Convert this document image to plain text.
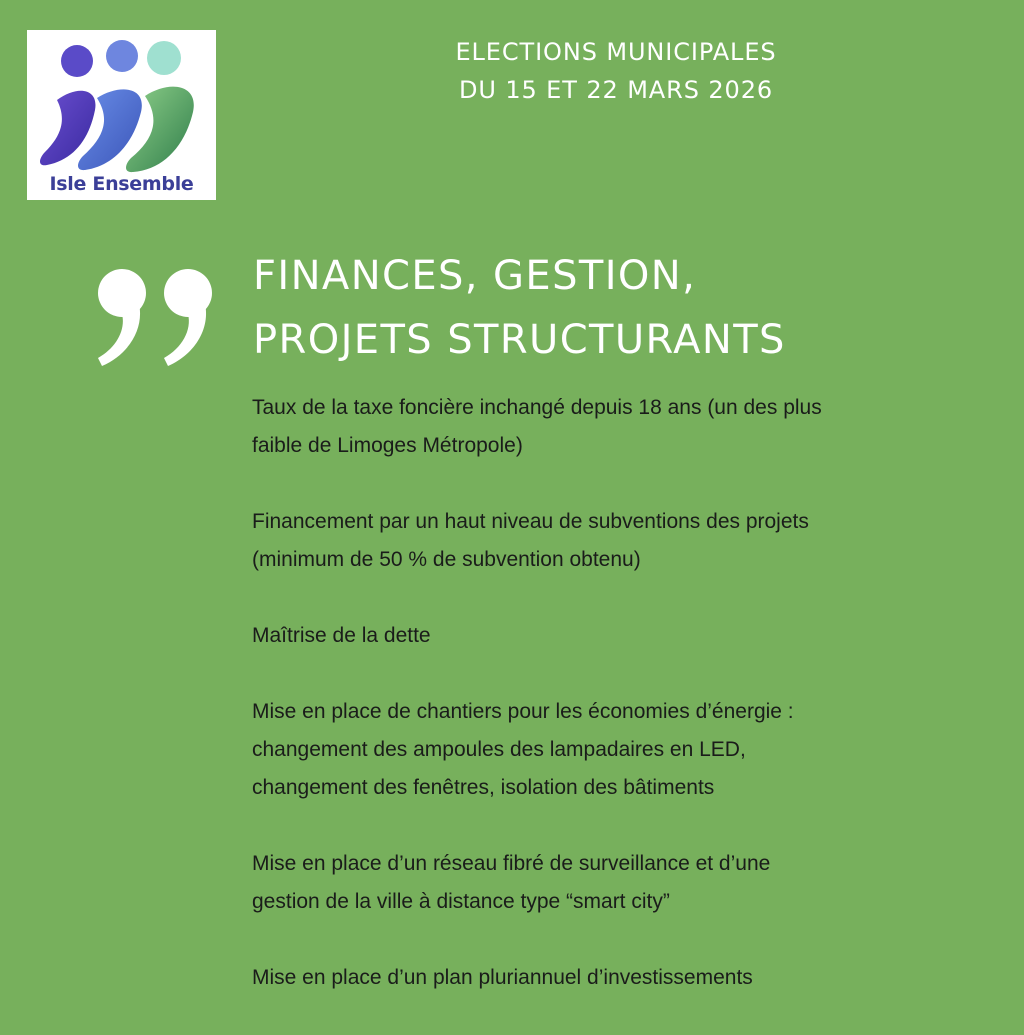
Isle Ensemble
ELECTIONS MUNICIPALES
DU 15 ET 22 MARS 2026
FINANCES, GESTION,
PROJETS STRUCTURANTS
Taux de la taxe foncière inchangé depuis 18 ans (un des plus
faible de Limoges Métropole)
Financement par un haut niveau de subventions des projets
(minimum de 50 % de subvention obtenu)
Maîtrise de la dette
Mise en place de chantiers pour les économies d’énergie :
changement des ampoules des lampadaires en LED,
changement des fenêtres, isolation des bâtiments
Mise en place d’un réseau fibré de surveillance et d’une
gestion de la ville à distance type “smart city”
Mise en place d’un plan pluriannuel d’investissements
